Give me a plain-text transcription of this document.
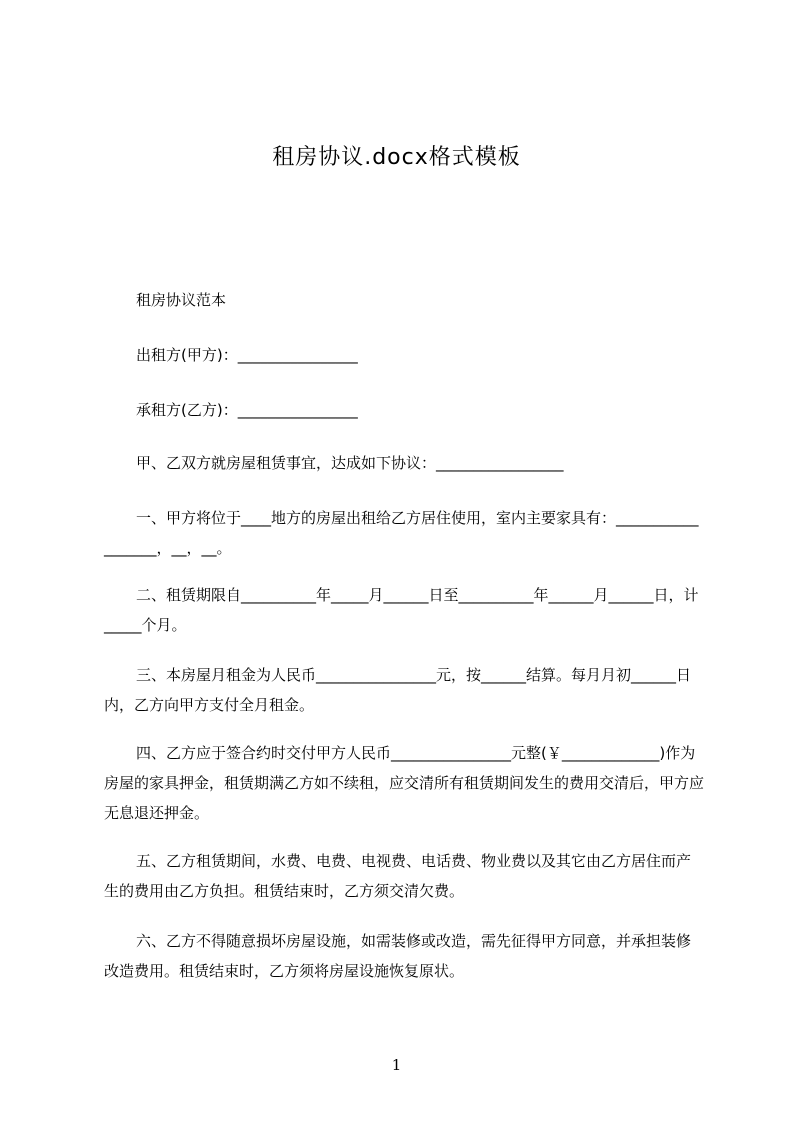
租房协议.docx格式模板

租房协议范本

出租方(甲方)：________________

承租方(乙方)：________________

甲、乙双方就房屋租赁事宜，达成如下协议：_________________

一、甲方将位于____地方的房屋出租给乙方居住使用，室内主要家具有：__________________，__，__。

二、租赁期限自__________年_____月______日至__________年______月______日，计_____个月。

三、本房屋月租金为人民币________________元，按______结算。每月月初______日内，乙方向甲方支付全月租金。

四、乙方应于签合约时交付甲方人民币________________元整(￥_____________)作为房屋的家具押金，租赁期满乙方如不续租，应交清所有租赁期间发生的费用交清后，甲方应无息退还押金。

五、乙方租赁期间，水费、电费、电视费、电话费、物业费以及其它由乙方居住而产生的费用由乙方负担。租赁结束时，乙方须交清欠费。

六、乙方不得随意损坏房屋设施，如需装修或改造，需先征得甲方同意，并承担装修改造费用。租赁结束时，乙方须将房屋设施恢复原状。

1
